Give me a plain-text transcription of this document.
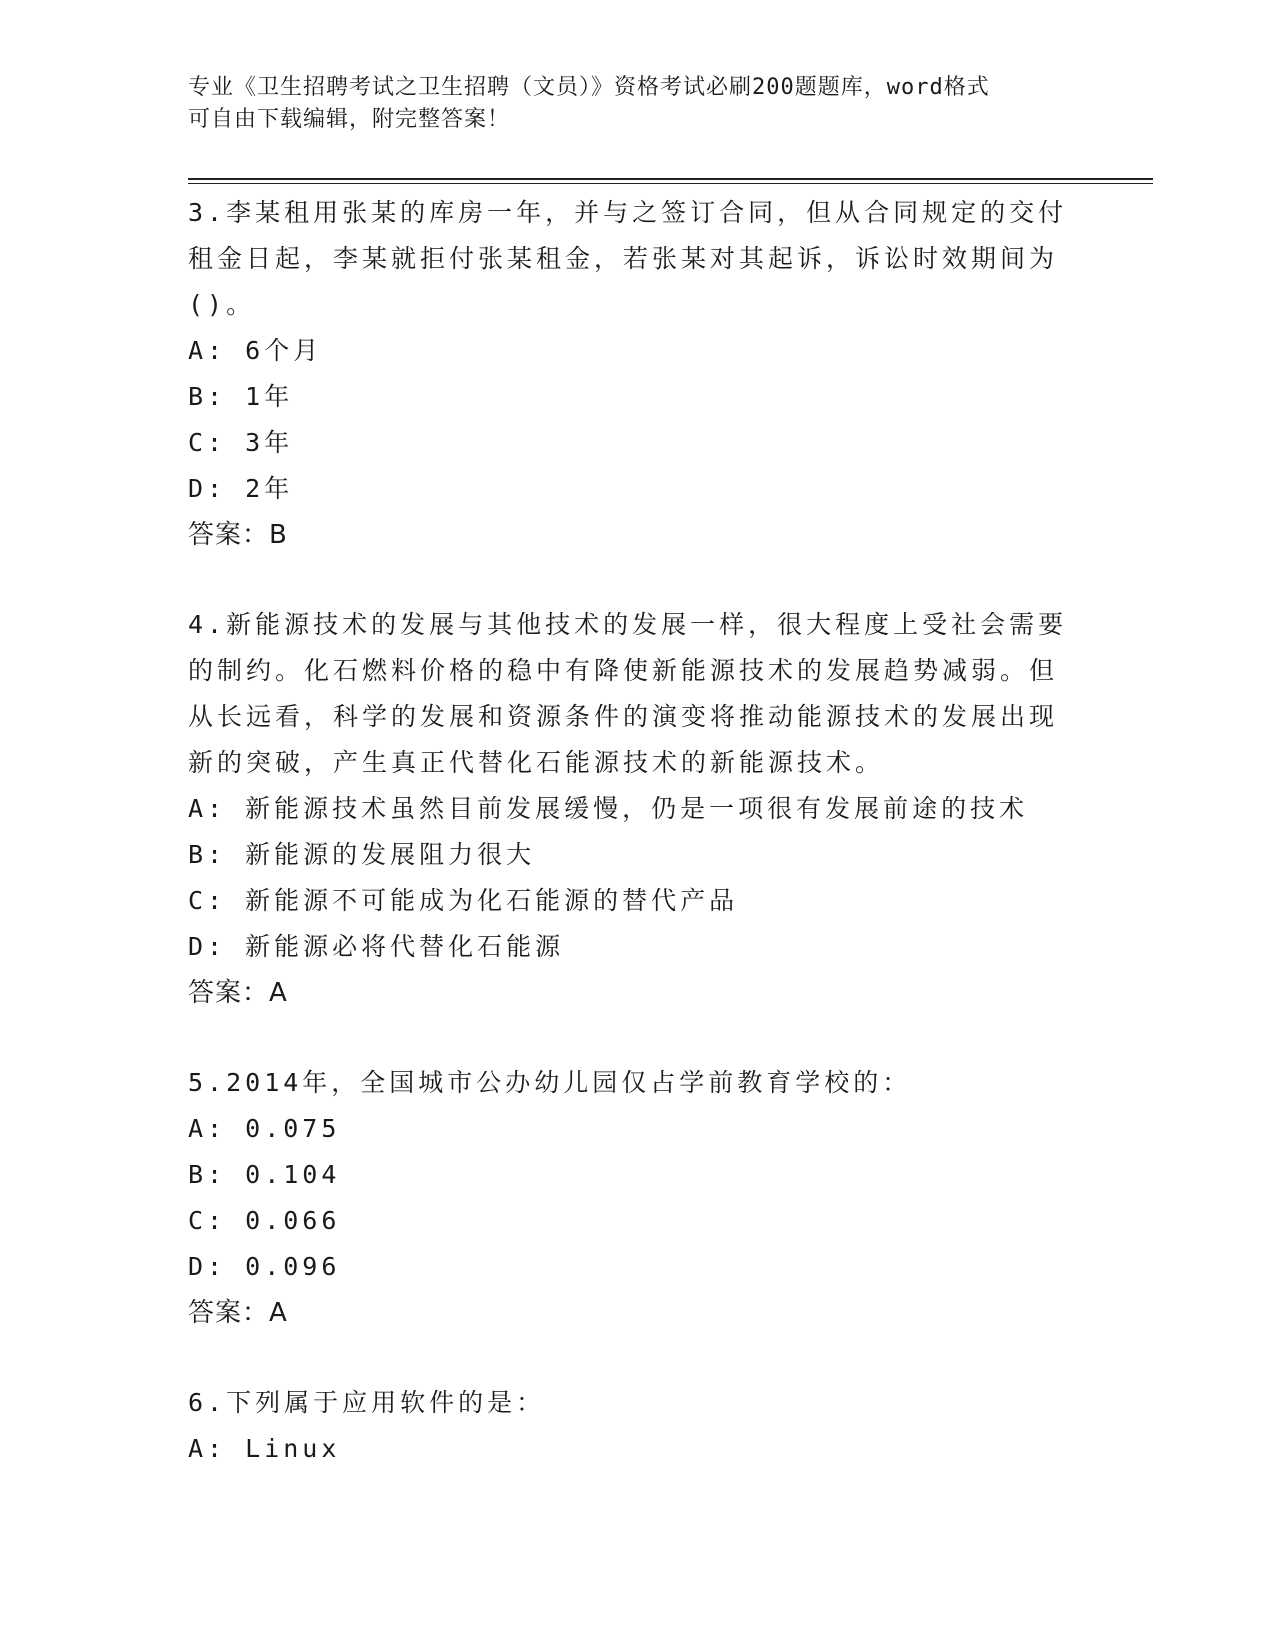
专业《卫生招聘考试之卫生招聘（文员）》资格考试必刷200题题库，word格式
可自由下载编辑，附完整答案！

3.李某租用张某的库房一年，并与之签订合同，但从合同规定的交付租金日起，李某就拒付张某租金，若张某对其起诉，诉讼时效期间为()。

A: 6个月

B: 1年

C: 3年

D: 2年

答案：B

4.新能源技术的发展与其他技术的发展一样，很大程度上受社会需要的制约。化石燃料价格的稳中有降使新能源技术的发展趋势减弱。但从长远看，科学的发展和资源条件的演变将推动能源技术的发展出现新的突破，产生真正代替化石能源技术的新能源技术。

A: 新能源技术虽然目前发展缓慢，仍是一项很有发展前途的技术

B: 新能源的发展阻力很大

C: 新能源不可能成为化石能源的替代产品

D: 新能源必将代替化石能源

答案：A

5.2014年，全国城市公办幼儿园仅占学前教育学校的：

A: 0.075

B: 0.104

C: 0.066

D: 0.096

答案：A

6.下列属于应用软件的是：

A: Linux
